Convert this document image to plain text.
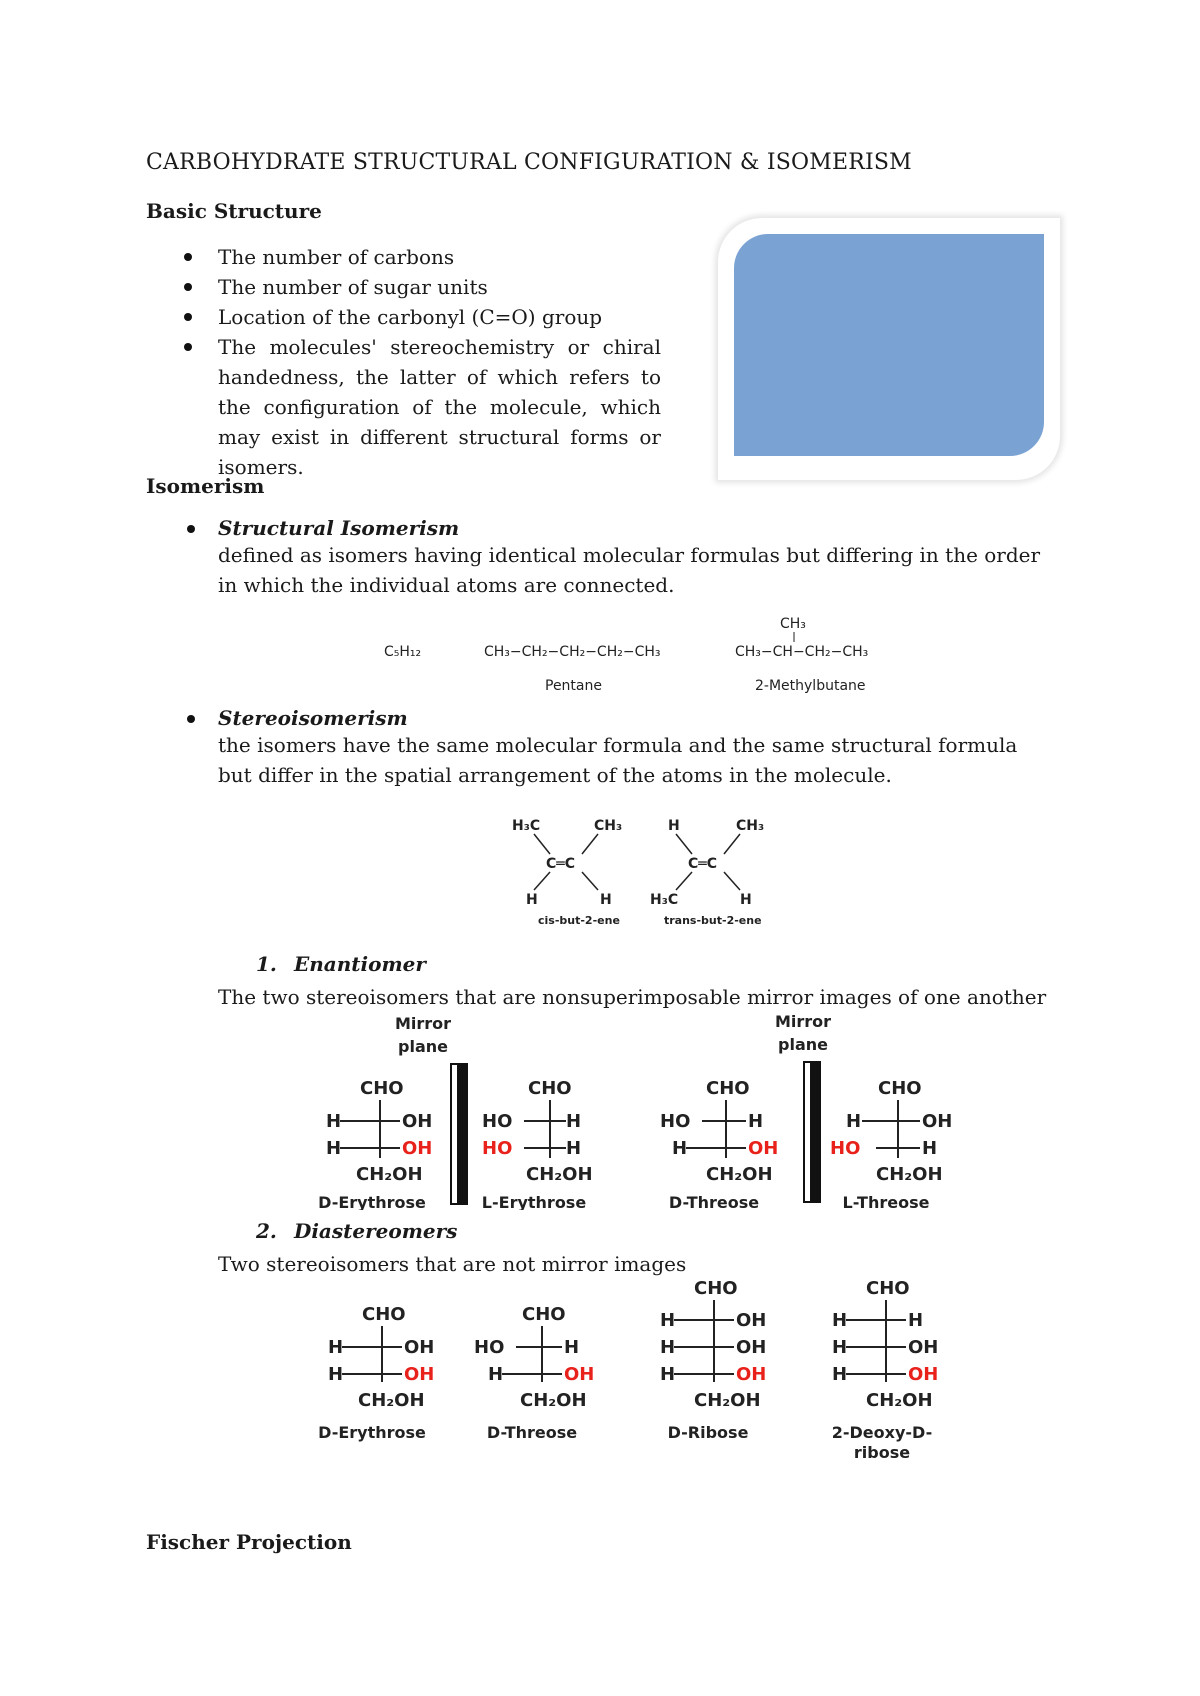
CARBOHYDRATE STRUCTURAL CONFIGURATION & ISOMERISM
Basic Structure
The number of carbons
The number of sugar units
Location of the carbonyl (C=O) group
The molecules' stereochemistry or chiral handedness, the latter of which refers to the configuration of the molecule, which may exist in different structural forms or isomers.
Isomerism
Structural Isomerism
defined as isomers having identical molecular formulas but differing in the order in which the individual atoms are connected.
C₅H₁₂	CH₃−CH₂−CH₂−CH₂−CH₃
Pentane
CH₃
CH₃−CH−CH₂−CH₃
2-Methylbutane
Stereoisomerism
the isomers have the same molecular formula and the same structural formula but differ in the spatial arrangement of the atoms in the molecule.
H₃C	CH₃
C═C
H	H
cis-but-2-ene
H	CH₃
C═C
H₃C	H
trans-but-2-ene
1. Enantiomer
The two stereoisomers that are nonsuperimposable mirror images of one another
Mirror
plane
Mirror
plane
CHO
H	OH
H	OH
CH₂OH
CHO
HO	H
HO	H
CH₂OH
CHO
HO	H
H	OH
CH₂OH
CHO
H	OH
HO	H
CH₂OH
D-Erythrose	L-Erythrose	D-Threose	L-Threose
2. Diastereomers
Two stereoisomers that are not mirror images
CHO
H	OH
H	OH
CH₂OH
CHO
HO	H
H	OH
CH₂OH
CHO
H	OH
H	OH
H	OH
CH₂OH
CHO
H	H
H	OH
H	OH
CH₂OH
D-Erythrose	D-Threose	D-Ribose	2-Deoxy-D-
ribose
Fischer Projection
